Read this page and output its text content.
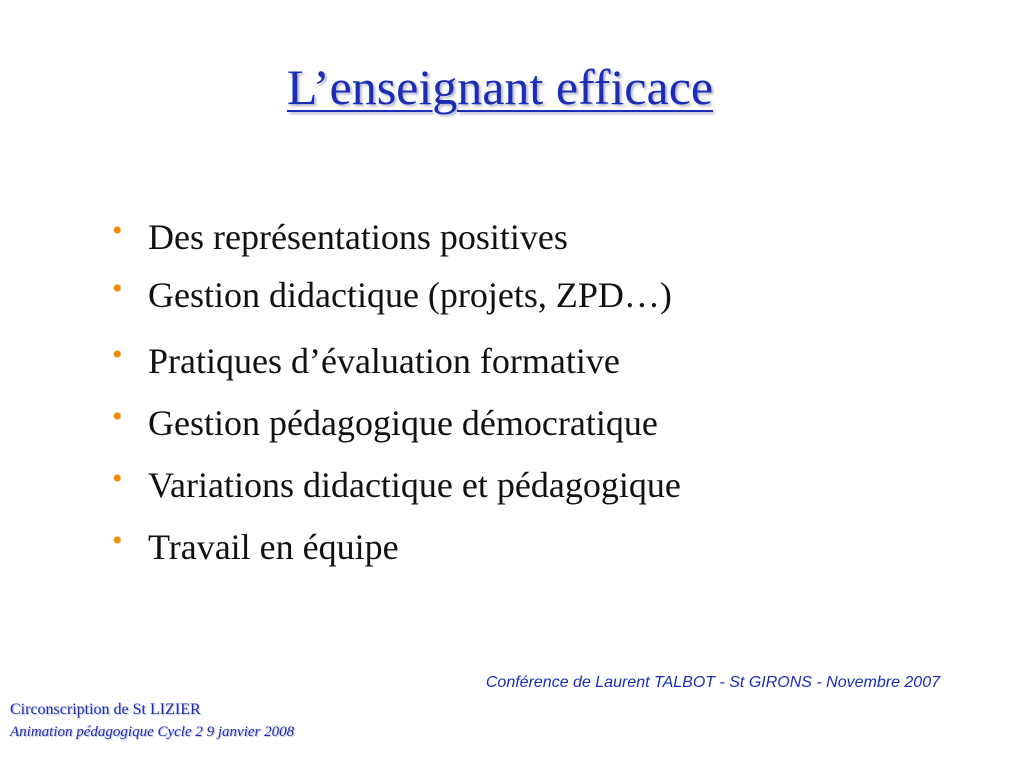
L’enseignant efficace
• Des représentations positives
• Gestion didactique (projets, ZPD…)
• Pratiques d’évaluation formative
• Gestion pédagogique démocratique
• Variations didactique et pédagogique
• Travail en équipe
Conférence de Laurent TALBOT - St GIRONS - Novembre 2007
Circonscription de St LIZIER
Animation pédagogique Cycle 2 9 janvier 2008
